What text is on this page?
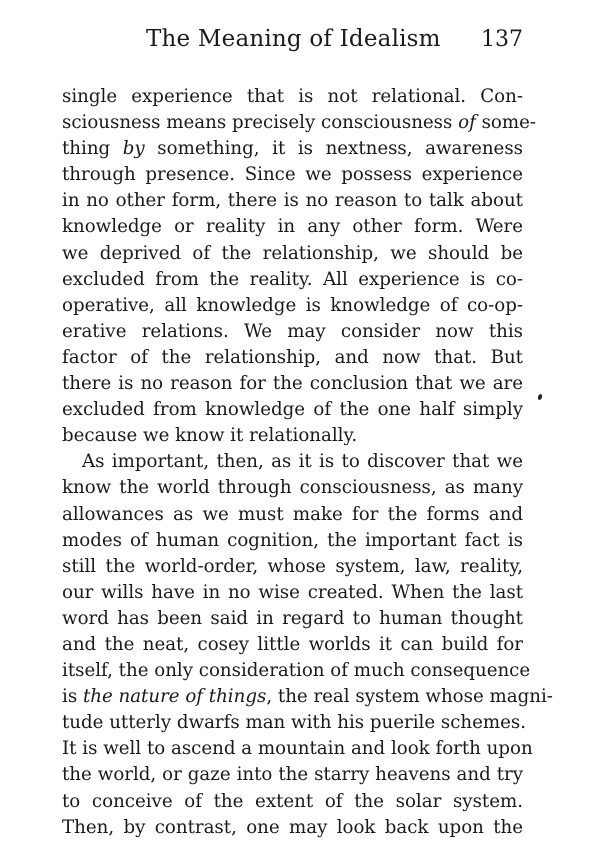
The Meaning of Idealism 137
single experience that is not relational. Con-
sciousness means precisely consciousness of some-
thing by something, it is nextness, awareness
through presence. Since we possess experience
in no other form, there is no reason to talk about
knowledge or reality in any other form. Were
we deprived of the relationship, we should be
excluded from the reality. All experience is co-
operative, all knowledge is knowledge of co-op-
erative relations. We may consider now this
factor of the relationship, and now that. But
there is no reason for the conclusion that we are
excluded from knowledge of the one half simply
because we know it relationally.
As important, then, as it is to discover that we
know the world through consciousness, as many
allowances as we must make for the forms and
modes of human cognition, the important fact is
still the world-order, whose system, law, reality,
our wills have in no wise created. When the last
word has been said in regard to human thought
and the neat, cosey little worlds it can build for
itself, the only consideration of much consequence
is the nature of things, the real system whose magni-
tude utterly dwarfs man with his puerile schemes.
It is well to ascend a mountain and look forth upon
the world, or gaze into the starry heavens and try
to conceive of the extent of the solar system.
Then, by contrast, one may look back upon the
